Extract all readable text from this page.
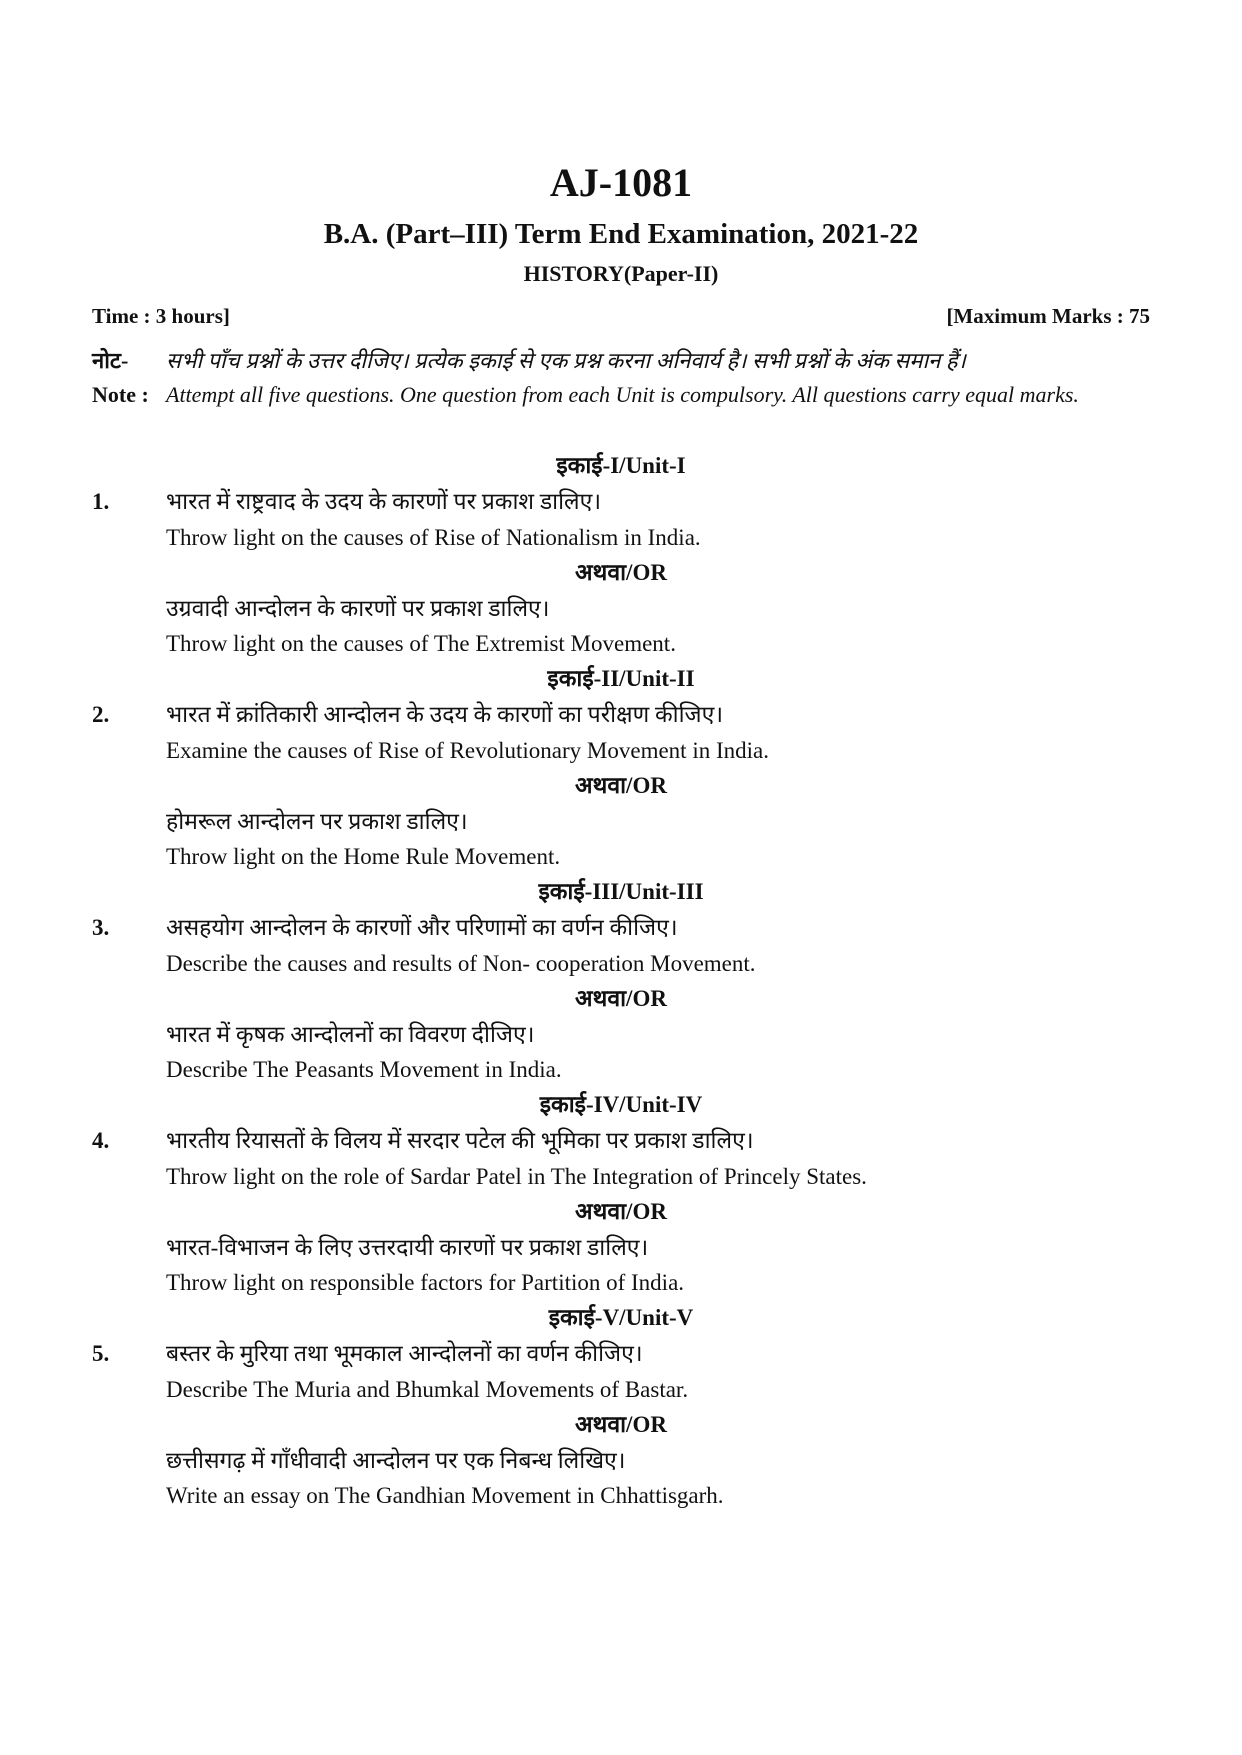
AJ-1081
B.A. (Part–III) Term End Examination, 2021-22
HISTORY(Paper-II)
Time : 3 hours]	[Maximum Marks : 75
नोट-	सभी पाँच प्रश्नों के उत्तर दीजिए। प्रत्येक इकाई से एक प्रश्न करना अनिवार्य है। सभी प्रश्नों के अंक समान हैं।
Note : Attempt all five questions. One question from each Unit is compulsory. All questions carry equal marks.
इकाई-I/Unit-I
1. भारत में राष्ट्रवाद के उदय के कारणों पर प्रकाश डालिए।
Throw light on the causes of Rise of Nationalism in India.
अथवा/OR
उग्रवादी आन्दोलन के कारणों पर प्रकाश डालिए।
Throw light on the causes of The Extremist Movement.
इकाई-II/Unit-II
2. भारत में क्रांतिकारी आन्दोलन के उदय के कारणों का परीक्षण कीजिए।
Examine the causes of Rise of Revolutionary Movement in India.
अथवा/OR
होमरूल आन्दोलन पर प्रकाश डालिए।
Throw light on the Home Rule Movement.
इकाई-III/Unit-III
3. असहयोग आन्दोलन के कारणों और परिणामों का वर्णन कीजिए।
Describe the causes and results of Non- cooperation Movement.
अथवा/OR
भारत में कृषक आन्दोलनों का विवरण दीजिए।
Describe The Peasants Movement in India.
इकाई-IV/Unit-IV
4. भारतीय रियासतों के विलय में सरदार पटेल की भूमिका पर प्रकाश डालिए।
Throw light on the role of Sardar Patel in The Integration of Princely States.
अथवा/OR
भारत-विभाजन के लिए उत्तरदायी कारणों पर प्रकाश डालिए।
Throw light on responsible factors for Partition of India.
इकाई-V/Unit-V
5. बस्तर के मुरिया तथा भूमकाल आन्दोलनों का वर्णन कीजिए।
Describe The Muria and Bhumkal Movements of Bastar.
अथवा/OR
छत्तीसगढ़ में गाँधीवादी आन्दोलन पर एक निबन्ध लिखिए।
Write an essay on The Gandhian Movement in Chhattisgarh.
